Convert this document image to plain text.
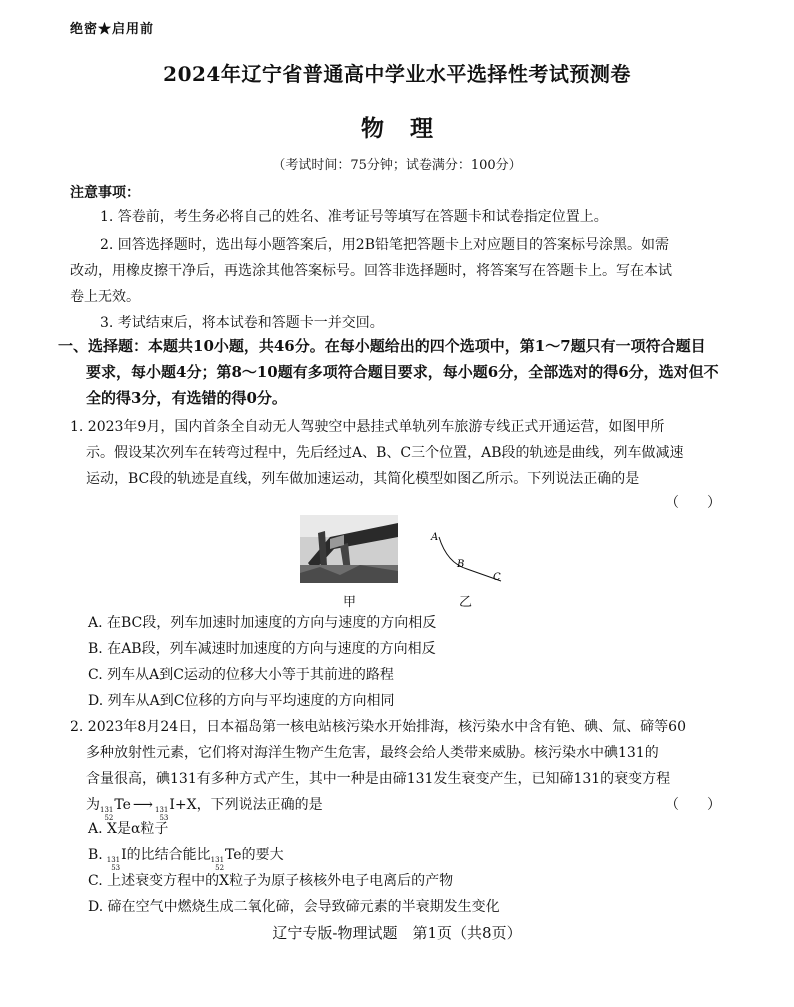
绝密★启用前
2024年辽宁省普通高中学业水平选择性考试预测卷
物理
（考试时间：75分钟；试卷满分：100分）
注意事项：
1. 答卷前，考生务必将自己的姓名、准考证号等填写在答题卡和试卷指定位置上。
2. 回答选择题时，选出每小题答案后，用2B铅笔把答题卡上对应题目的答案标号涂黑。如需
改动，用橡皮擦干净后，再选涂其他答案标号。回答非选择题时，将答案写在答题卡上。写在本试
卷上无效。
3. 考试结束后，将本试卷和答题卡一并交回。
一、选择题：本题共10小题，共46分。在每小题给出的四个选项中，第1～7题只有一项符合题目
要求，每小题4分；第8～10题有多项符合题目要求，每小题6分，全部选对的得6分，选对但不
全的得3分，有选错的得0分。
1. 2023年9月，国内首条全自动无人驾驶空中悬挂式单轨列车旅游专线正式开通运营，如图甲所
示。假设某次列车在转弯过程中，先后经过A、B、C三个位置，AB段的轨迹是曲线，列车做减速
运动，BC段的轨迹是直线，列车做加速运动，其简化模型如图乙所示。下列说法正确的是
（　　）
甲
A
B
C
乙
A. 在BC段，列车加速时加速度的方向与速度的方向相反
B. 在AB段，列车减速时加速度的方向与速度的方向相反
C. 列车从A到C运动的位移大小等于其前进的路程
D. 列车从A到C位移的方向与平均速度的方向相同
2. 2023年8月24日，日本福岛第一核电站核污染水开始排海，核污染水中含有铯、碘、氚、碲等60
多种放射性元素，它们将对海洋生物产生危害，最终会给人类带来威胁。核污染水中碘131的
含量很高，碘131有多种方式产生，其中一种是由碲131发生衰变产生，已知碲131的衰变方程
为 131
52
Te ⟶ 131
53
I+X，下列说法正确的是	（　　）
A. X是α粒子
B. 131
53
I的比结合能比 131
52
Te的要大
C. 上述衰变方程中的X粒子为原子核核外电子电离后的产物
D. 碲在空气中燃烧生成二氧化碲，会导致碲元素的半衰期发生变化
辽宁专版-物理试题　第1页（共8页）
